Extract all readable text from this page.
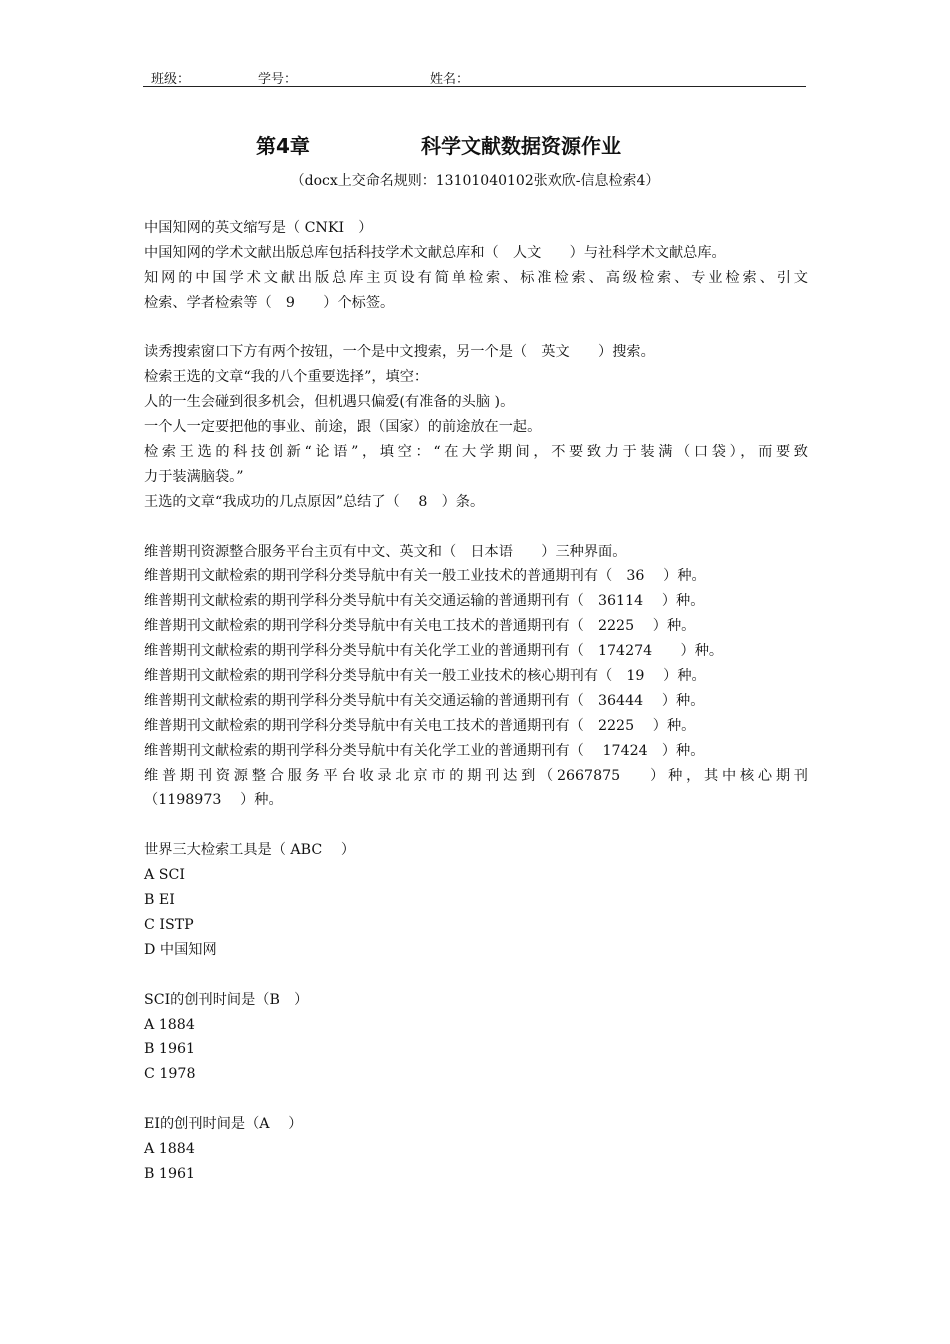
班级：	学号：	姓名：
第4章	科学文献数据资源作业
（docx上交命名规则：13101040102张欢欣-信息检索4）
中国知网的英文缩写是（ CNKI　）
中国知网的学术文献出版总库包括科技学术文献总库和（　人文　　）与社科学术文献总库。
知网的中国学术文献出版总库主页设有简单检索、标准检索、高级检索、专业检索、引文
检索、学者检索等（　9　　）个标签。
读秀搜索窗口下方有两个按钮，一个是中文搜索，另一个是（　英文　　）搜索。
检索王选的文章“我的八个重要选择”，填空：
人的一生会碰到很多机会，但机遇只偏爱(有准备的头脑 )。
一个人一定要把他的事业、前途，跟（国家）的前途放在一起。
检索王选的科技创新“论语”，填空：“在大学期间，不要致力于装满（口袋），而要致
力于装满脑袋。”
王选的文章“我成功的几点原因”总结了（　 8　）条。
维普期刊资源整合服务平台主页有中文、英文和（　日本语　　）三种界面。
维普期刊文献检索的期刊学科分类导航中有关一般工业技术的普通期刊有（　36　 ）种。
维普期刊文献检索的期刊学科分类导航中有关交通运输的普通期刊有（　36114　 ）种。
维普期刊文献检索的期刊学科分类导航中有关电工技术的普通期刊有（　2225　 ）种。
维普期刊文献检索的期刊学科分类导航中有关化学工业的普通期刊有（　174274　　）种。
维普期刊文献检索的期刊学科分类导航中有关一般工业技术的核心期刊有（　19　 ）种。
维普期刊文献检索的期刊学科分类导航中有关交通运输的普通期刊有（　36444　 ）种。
维普期刊文献检索的期刊学科分类导航中有关电工技术的普通期刊有（　2225　 ）种。
维普期刊文献检索的期刊学科分类导航中有关化学工业的普通期刊有（　 17424　）种。
维普期刊资源整合服务平台收录北京市的期刊达到（2667875　 ）种，其中核心期刊
（1198973　 ）种。
世界三大检索工具是（ ABC　 ）
A SCI
B EI
C ISTP
D 中国知网
SCI的创刊时间是（B　）
A 1884
B 1961
C 1978
EI的创刊时间是（A　 ）
A 1884
B 1961
